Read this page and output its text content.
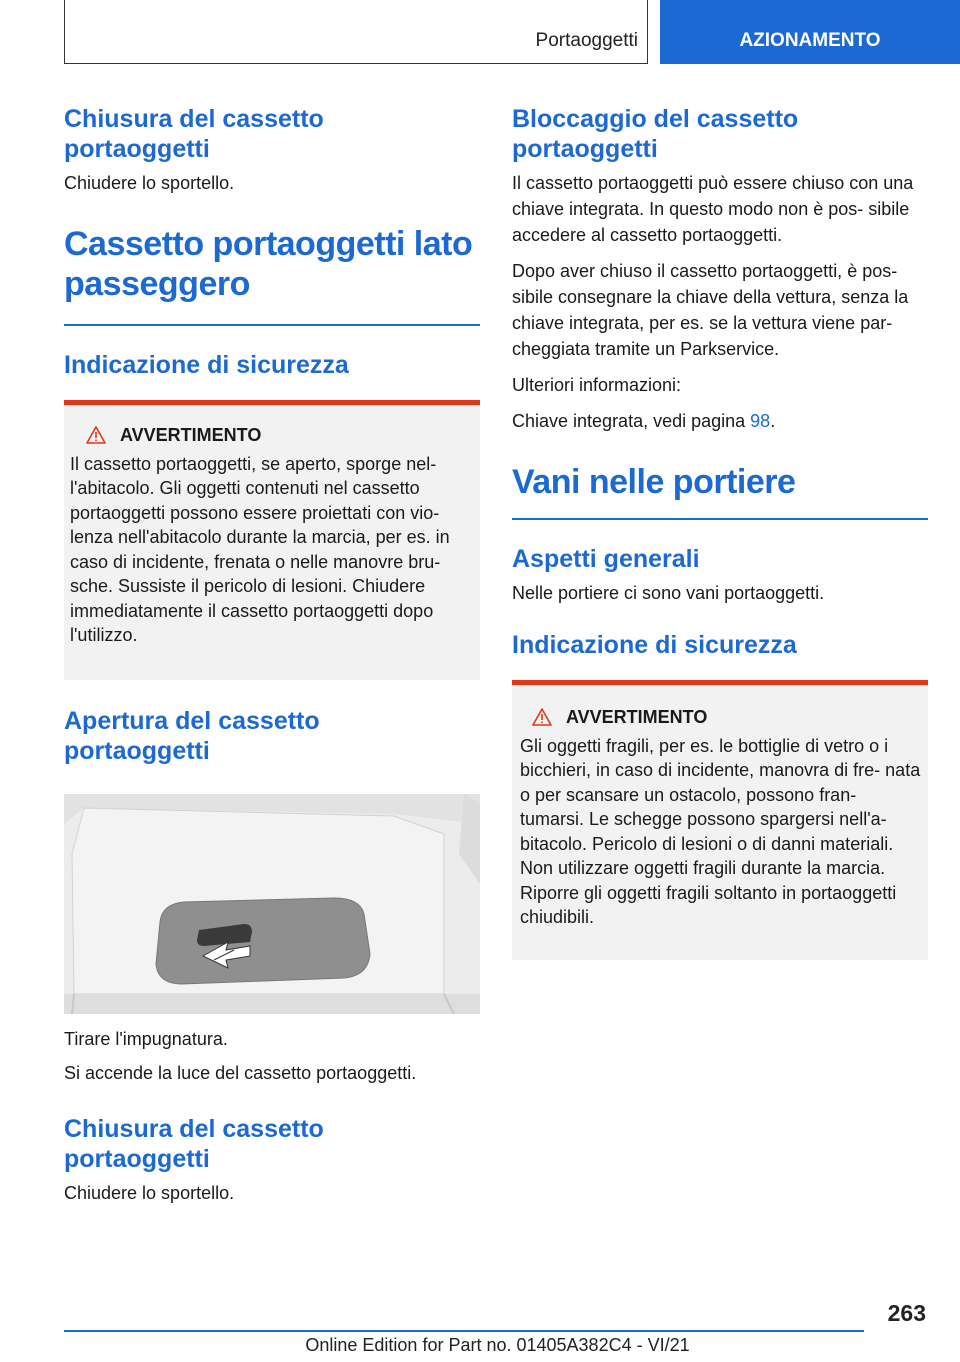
Portaoggetti	AZIONAMENTO
Chiusura del cassetto portaoggetti

Chiudere lo sportello.

Cassetto portaoggetti lato passeggero
Indicazione di sicurezza
AVVERTIMENTO
Il cassetto portaoggetti, se aperto, sporge nel- l'abitacolo. Gli oggetti contenuti nel cassetto portaoggetti possono essere proiettati con vio- lenza nell'abitacolo durante la marcia, per es. in caso di incidente, frenata o nelle manovre bru- sche. Sussiste il pericolo di lesioni. Chiudere immediatamente il cassetto portaoggetti dopo l'utilizzo.
Apertura del cassetto portaoggetti

Tirare l'impugnatura.

Si accende la luce del cassetto portaoggetti.

Chiusura del cassetto portaoggetti

Chiudere lo sportello.

Bloccaggio del cassetto portaoggetti

Il cassetto portaoggetti può essere chiuso con una chiave integrata. In questo modo non è pos- sibile accedere al cassetto portaoggetti.

Dopo aver chiuso il cassetto portaoggetti, è pos- sibile consegnare la chiave della vettura, senza la chiave integrata, per es. se la vettura viene par- cheggiata tramite un Parkservice.

Ulteriori informazioni:

Chiave integrata, vedi pagina 98.

Vani nelle portiere
Aspetti generali

Nelle portiere ci sono vani portaoggetti.

Indicazione di sicurezza
AVVERTIMENTO
Gli oggetti fragili, per es. le bottiglie di vetro o i bicchieri, in caso di incidente, manovra di fre- nata o per scansare un ostacolo, possono fran- tumarsi. Le schegge possono spargersi nell'a- bitacolo. Pericolo di lesioni o di danni materiali. Non utilizzare oggetti fragili durante la marcia. Riporre gli oggetti fragili soltanto in portaoggetti chiudibili.
263
Online Edition for Part no. 01405A382C4 - VI/21
